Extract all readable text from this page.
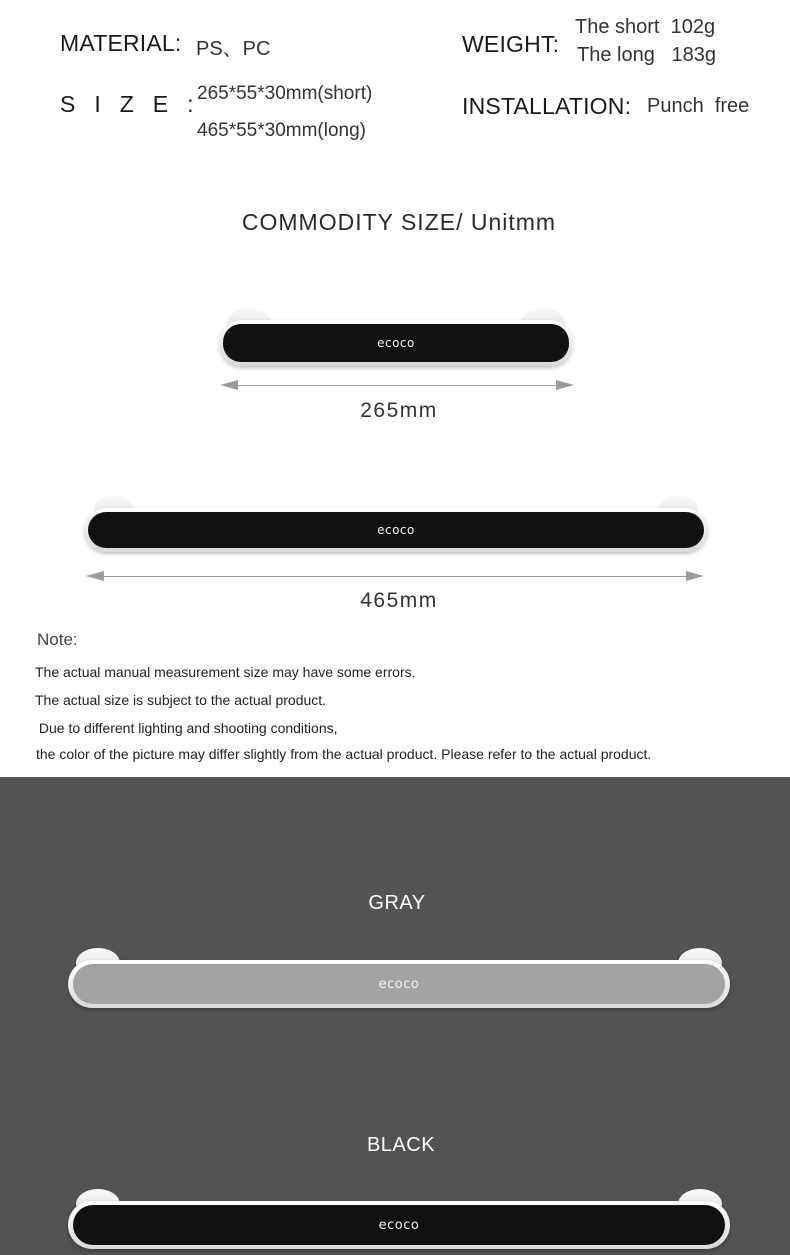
MATERIAL: PS、PC	WEIGHT:
The short  102g
The long   183g
SIZE:
265*55*30mm(short)
465*55*30mm(long)
INSTALLATION: Punch  free
COMMODITY SIZE/ Unitmm
ecoco
265mm
ecoco
465mm
Note:
The actual manual measurement size may have some errors.
The actual size is subject to the actual product.
Due to different lighting and shooting conditions,
the color of the picture may differ slightly from the actual product. Please refer to the actual product.
GRAY
ecoco
BLACK
ecoco
